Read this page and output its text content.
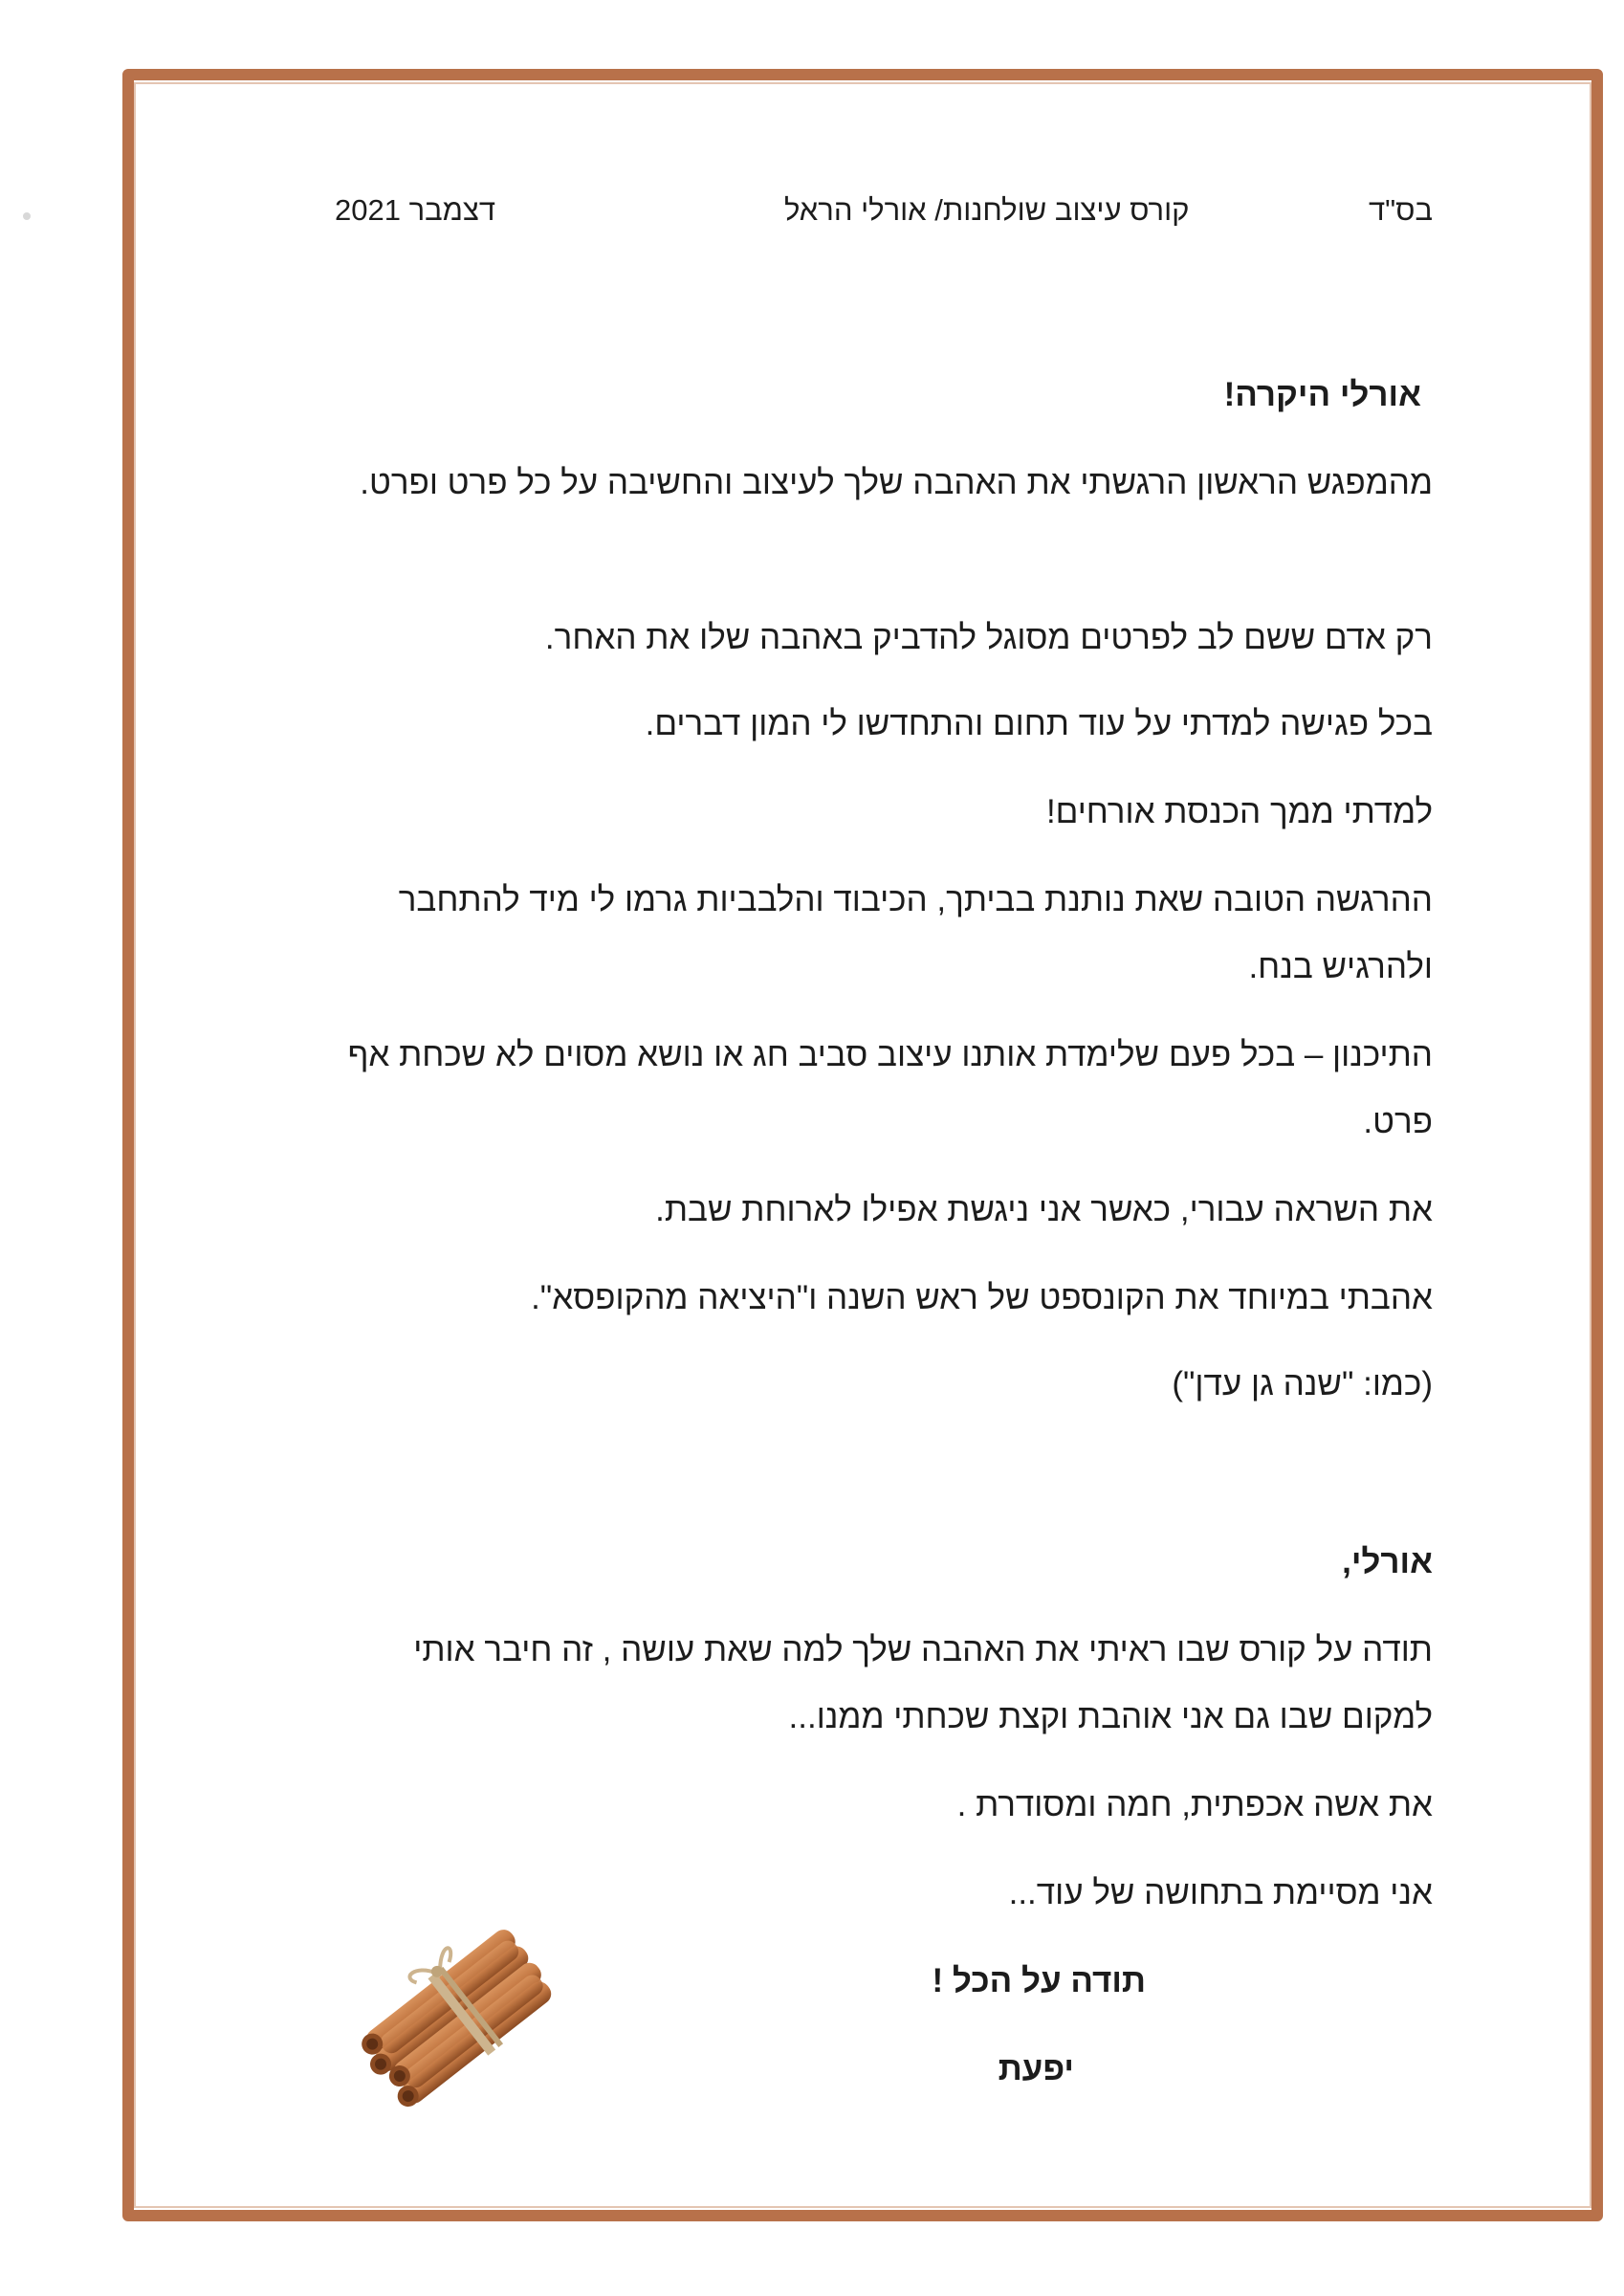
בס"ד
קורס עיצוב שולחנות/ אורלי הראל
דצמבר 2021

אורלי היקרה!

מהמפגש הראשון הרגשתי את האהבה שלך לעיצוב והחשיבה על כל פרט ופרט.

רק אדם ששם לב לפרטים מסוגל להדביק באהבה שלו את האחר.

בכל פגישה למדתי על עוד תחום והתחדשו לי המון דברים.

למדתי ממך הכנסת אורחים!

ההרגשה הטובה שאת נותנת בביתך, הכיבוד והלבביות גרמו לי מיד להתחבר ולהרגיש בנח.

התיכנון – בכל פעם שלימדת אותנו עיצוב סביב חג או נושא מסוים לא שכחת אף פרט.

את השראה עבורי, כאשר אני ניגשת אפילו לארוחת שבת.

אהבתי במיוחד את הקונספט של ראש השנה ו"היציאה מהקופסא".

(כמו: "שנה גן עדן")

אורלי,

תודה על קורס שבו ראיתי את האהבה שלך למה שאת עושה , זה חיבר אותי למקום שבו גם אני אוהבת וקצת שכחתי ממנו...

את אשה אכפתית, חמה ומסודרת .

אני מסיימת בתחושה של עוד...

תודה על הכל !

יפעת
